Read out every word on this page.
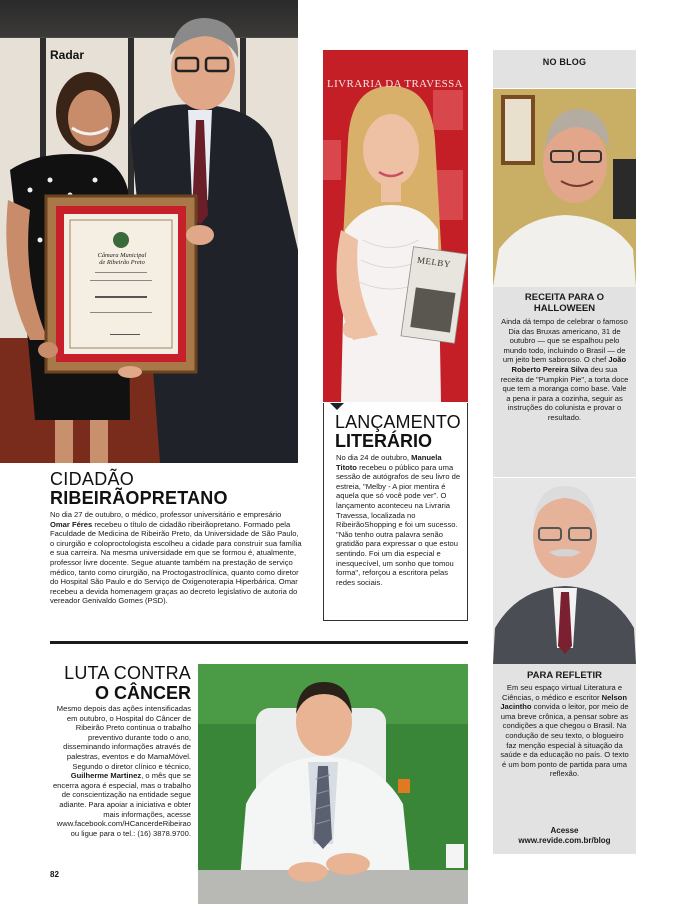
Câmara Municipal
de Ribeirão Preto
Radar
CIDADÃO
RIBEIRÃOPRETANO
No dia 27 de outubro, o médico, professor universitário e empresário Omar Féres recebeu o título de cidadão ribeirãopretano. Formado pela Faculdade de Medicina de Ribeirão Preto, da Universidade de São Paulo, o cirurgião e coloproctologista escolheu a cidade para construir sua família e sua carreira. Na mesma universidade em que se formou é, atualmente, professor livre docente. Segue atuante também na prestação de serviço médico, tanto como cirurgião, na Proctogastroclínica, quanto como diretor do Hospital São Paulo e do Serviço de Oxigenoterapia Hiperbárica. Omar recebeu a devida homenagem graças ao decreto legislativo de autoria do vereador Genivaldo Gomes (PSD).
LIVRARIA DA TRAVESSA
MELBY
LANÇAMENTO
LITERÁRIO
No dia 24 de outubro, Manuela Titoto recebeu o público para uma sessão de autógrafos de seu livro de estreia, "Melby - A pior mentira é aquela que só você pode ver". O lançamento aconteceu na Livraria Travessa, localizada no RibeirãoShopping e foi um sucesso. "Não tenho outra palavra senão gratidão para expressar o que estou sentindo. Foi um dia especial e inesquecível, um sonho que tomou forma", reforçou a escritora pelas redes sociais.
LUTA CONTRA
O CÂNCER
Mesmo depois das ações intensificadas em outubro, o Hospital do Câncer de Ribeirão Preto continua o trabalho preventivo durante todo o ano, disseminando informações através de palestras, eventos e do MamaMóvel. Segundo o diretor clínico e técnico, Guilherme Martinez, o mês que se encerra agora é especial, mas o trabalho de conscientização na entidade segue adiante. Para apoiar a iniciativa e obter mais informações, acesse www.facebook.com/HCancerdeRibeirao ou ligue para o tel.: (16) 3878.9700.
82
NO BLOG
RECEITA PARA O HALLOWEEN
Ainda dá tempo de celebrar o famoso Dia das Bruxas americano, 31 de outubro — que se espalhou pelo mundo todo, incluindo o Brasil — de um jeito bem saboroso. O chef João Roberto Pereira Silva deu sua receita de "Pumpkin Pie", a torta doce que tem a moranga como base. Vale a pena ir para a cozinha, seguir as instruções do colunista e provar o resultado.
PARA REFLETIR
Em seu espaço virtual Literatura e Ciências, o médico e escritor Nelson Jacintho convida o leitor, por meio de uma breve crônica, a pensar sobre as condições a que chegou o Brasil. Na condução de seu texto, o blogueiro faz menção especial à situação da saúde e da educação no país. O texto é um bom ponto de partida para uma reflexão.
Acesse
www.revide.com.br/blog
